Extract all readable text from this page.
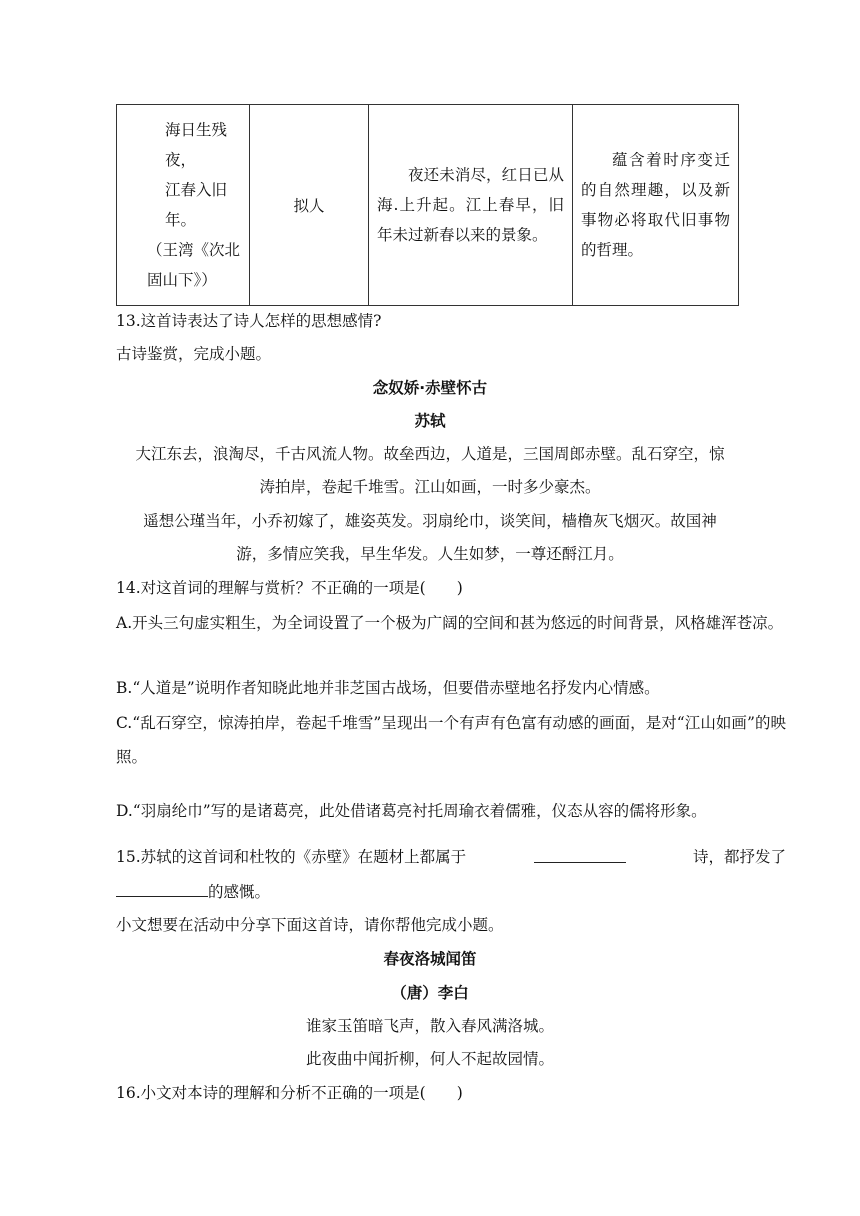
海日生残
夜，
江春入旧
年。
（王湾《次北
固山下》）
	拟人	夜还未消尽，红日已从海.上升起。江上春早，旧年未过新春以来的景象。	蕴含着时序变迁的自然理趣，以及新事物必将取代旧事物的哲理。
13.这首诗表达了诗人怎样的思想感情?
古诗鉴赏，完成小题。
念奴娇·赤壁怀古
苏轼
大江东去，浪淘尽，千古风流人物。故垒西边，人道是，三国周郎赤壁。乱石穿空，惊
涛拍岸，卷起千堆雪。江山如画，一时多少豪杰。
遥想公瑾当年，小乔初嫁了，雄姿英发。羽扇纶巾，谈笑间，樯橹灰飞烟灭。故国神
游，多情应笑我，早生华发。人生如梦，一尊还酹江月。
14.对这首词的理解与赏析？不正确的一项是(　　)
A.开头三句虚实粗生，为全词设置了一个极为广阔的空间和甚为悠远的时间背景，风格雄浑苍凉。
B.“人道是”说明作者知晓此地并非芝国古战场，但要借赤壁地名抒发内心情感。
C.“乱石穿空，惊涛拍岸，卷起千堆雪”呈现出一个有声有色富有动感的画面，是对“江山如画”的映照。
D.“羽扇纶巾”写的是诸葛亮，此处借诸葛亮衬托周瑜衣着儒雅，仪态从容的儒将形象。
15.苏轼的这首词和杜牧的《赤壁》在题材上都属于	诗，都抒发了
的感慨。
小文想要在活动中分享下面这首诗，请你帮他完成小题。
春夜洛城闻笛
（唐）李白
谁家玉笛暗飞声，散入春风满洛城。
此夜曲中闻折柳，何人不起故园情。
16.小文对本诗的理解和分析不正确的一项是(　　)
